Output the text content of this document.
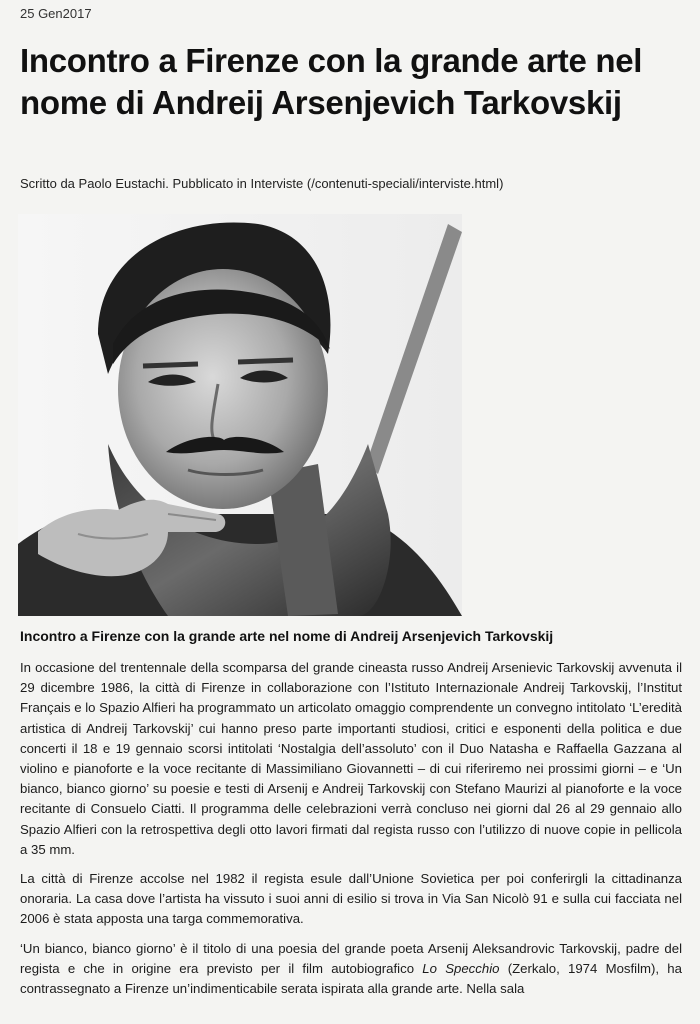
25 Gen2017
Incontro a Firenze con la grande arte nel nome di Andreij Arsenjevich Tarkovskij
Scritto da Paolo Eustachi. Pubblicato in Interviste (/contenuti-speciali/interviste.html)
Incontro a Firenze con la grande arte nel nome di Andreij Arsenjevich Tarkovskij

In occasione del trentennale della scomparsa del grande cineasta russo Andreij Arsenievic Tarkovskij avvenuta il 29 dicembre 1986, la città di Firenze in collaborazione con l’Istituto Internazionale Andreij Tarkovskij, l’Institut Français e lo Spazio Alfieri ha programmato un articolato omaggio comprendente un convegno intitolato ‘L’eredità artistica di Andreij Tarkovskij’ cui hanno preso parte importanti studiosi, critici e esponenti della politica e due concerti il 18 e 19 gennaio scorsi intitolati ‘Nostalgia dell’assoluto’ con il Duo Natasha e Raffaella Gazzana al violino e pianoforte e la voce recitante di Massimiliano Giovannetti – di cui riferiremo nei prossimi giorni – e ‘Un bianco, bianco giorno’ su poesie e testi di Arsenij e Andreij Tarkovskij con Stefano Maurizi al pianoforte e la voce recitante di Consuelo Ciatti. Il programma delle celebrazioni verrà concluso nei giorni dal 26 al 29 gennaio allo Spazio Alfieri con la retrospettiva degli otto lavori firmati dal regista russo con l’utilizzo di nuove copie in pellicola a 35 mm.

La città di Firenze accolse nel 1982 il regista esule dall’Unione Sovietica per poi conferirgli la cittadinanza onoraria. La casa dove l’artista ha vissuto i suoi anni di esilio si trova in Via San Nicolò 91 e sulla cui facciata nel 2006 è stata apposta una targa commemorativa.

‘Un bianco, bianco giorno’ è il titolo di una poesia del grande poeta Arsenij Aleksandrovic Tarkovskij, padre del regista e che in origine era previsto per il film autobiografico Lo Specchio (Zerkalo, 1974 Mosfilm), ha contrassegnato a Firenze un’indimenticabile serata ispirata alla grande arte. Nella sala
